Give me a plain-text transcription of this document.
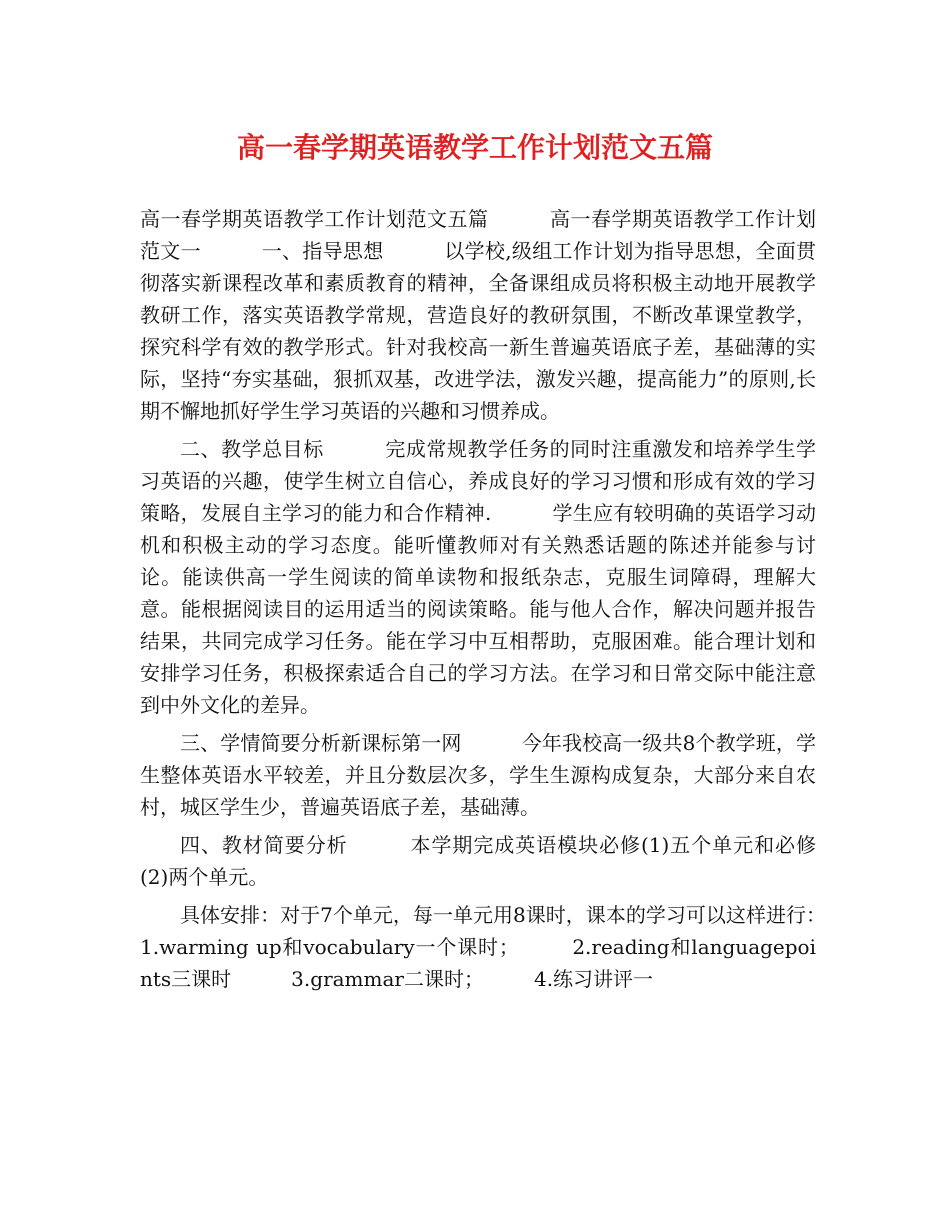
高一春学期英语教学工作计划范文五篇

高一春学期英语教学工作计划范文五篇　　　高一春学期英语教学工作计划范文一　　　一、指导思想　　　以学校,级组工作计划为指导思想，全面贯彻落实新课程改革和素质教育的精神，全备课组成员将积极主动地开展教学教研工作，落实英语教学常规，营造良好的教研氛围，不断改革课堂教学，探究科学有效的教学形式。针对我校高一新生普遍英语底子差，基础薄的实际，坚持“夯实基础，狠抓双基，改进学法，激发兴趣，提高能力”的原则,长期不懈地抓好学生学习英语的兴趣和习惯养成。

二、教学总目标　　　完成常规教学任务的同时注重激发和培养学生学习英语的兴趣，使学生树立自信心，养成良好的学习习惯和形成有效的学习策略，发展自主学习的能力和合作精神.　　　学生应有较明确的英语学习动机和积极主动的学习态度。能听懂教师对有关熟悉话题的陈述并能参与讨论。能读供高一学生阅读的简单读物和报纸杂志，克服生词障碍，理解大意。能根据阅读目的运用适当的阅读策略。能与他人合作，解决问题并报告结果，共同完成学习任务。能在学习中互相帮助，克服困难。能合理计划和安排学习任务，积极探索适合自己的学习方法。在学习和日常交际中能注意到中外文化的差异。

三、学情简要分析新课标第一网　　　今年我校高一级共8个教学班，学生整体英语水平较差，并且分数层次多，学生生源构成复杂，大部分来自农村，城区学生少，普遍英语底子差，基础薄。

四、教材简要分析　　　本学期完成英语模块必修(1)五个单元和必修(2)两个单元。

具体安排：对于7个单元，每一单元用8课时，课本的学习可以这样进行：　　　1.warming up和vocabulary一个课时；　　　2.reading和languagepoints三课时　　　3.grammar二课时；　　　4.练习讲评一
